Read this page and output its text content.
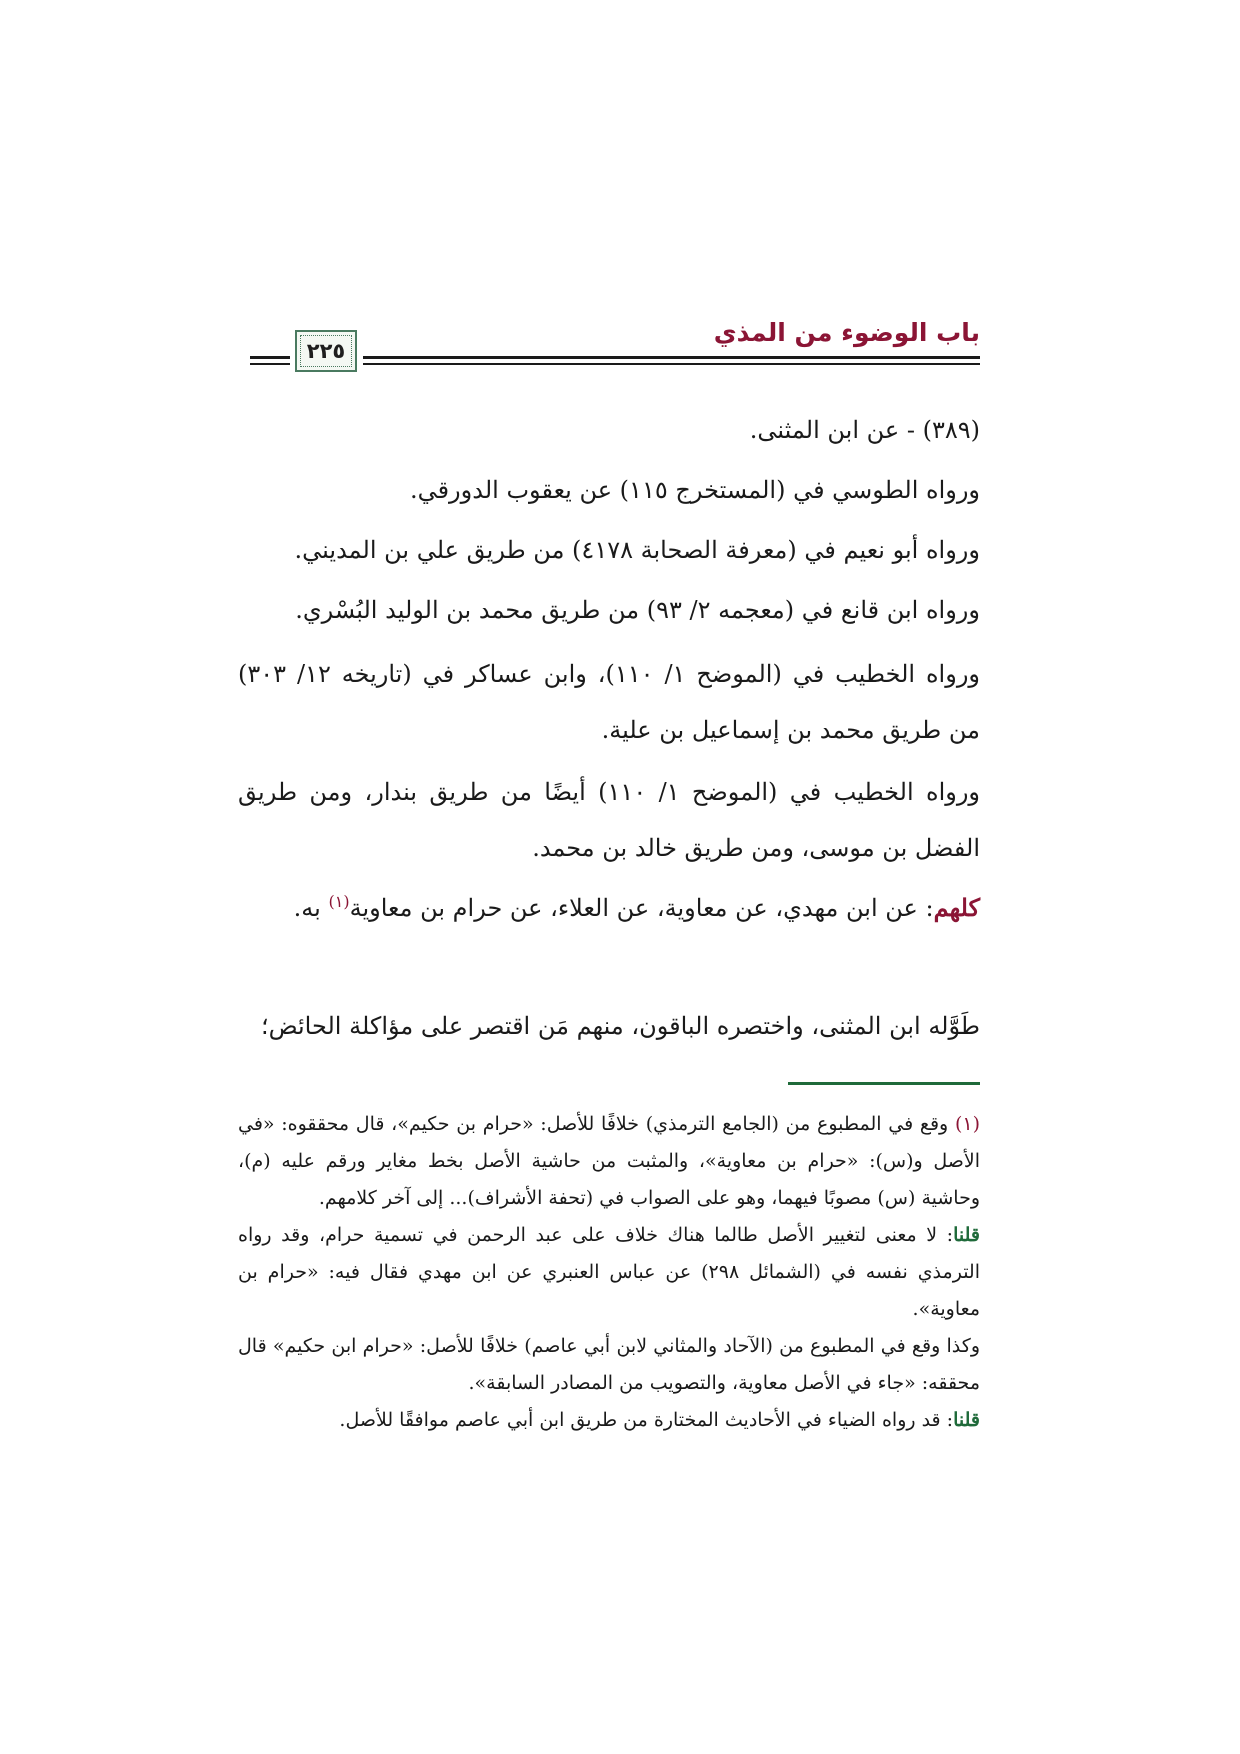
باب الوضوء من المذي
٢٢٥

(٣٨٩) - عن ابن المثنى.

ورواه الطوسي في (المستخرج ١١٥) عن يعقوب الدورقي.

ورواه أبو نعيم في (معرفة الصحابة ٤١٧٨) من طريق علي بن المديني.

ورواه ابن قانع في (معجمه ٢/ ٩٣) من طريق محمد بن الوليد البُسْري.

ورواه الخطيب في (الموضح ١/ ١١٠)، وابن عساكر في (تاريخه ١٢/ ٣٠٣) من طريق محمد بن إسماعيل بن علية.

ورواه الخطيب في (الموضح ١/ ١١٠) أيضًا من طريق بندار، ومن طريق الفضل بن موسى، ومن طريق خالد بن محمد.

كلهم: عن ابن مهدي، عن معاوية، عن العلاء، عن حرام بن معاوية$^{(١)}$ به.

طَوَّله ابن المثنى، واختصره الباقون، منهم مَن اقتصر على مؤاكلة الحائض؛

(١) وقع في المطبوع من (الجامع الترمذي) خلافًا للأصل: «حرام بن حكيم»، قال محققوه: «في الأصل و(س): «حرام بن معاوية»، والمثبت من حاشية الأصل بخط مغاير ورقم عليه (م)، وحاشية (س) مصوبًا فيهما، وهو على الصواب في (تحفة الأشراف)... إلى آخر كلامهم.

قلنا: لا معنى لتغيير الأصل طالما هناك خلاف على عبد الرحمن في تسمية حرام، وقد رواه الترمذي نفسه في (الشمائل ٢٩٨) عن عباس العنبري عن ابن مهدي فقال فيه: «حرام بن معاوية».

وكذا وقع في المطبوع من (الآحاد والمثاني لابن أبي عاصم) خلافًا للأصل: «حرام ابن حكيم» قال محققه: «جاء في الأصل معاوية، والتصويب من المصادر السابقة».

قلنا: قد رواه الضياء في الأحاديث المختارة من طريق ابن أبي عاصم موافقًا للأصل.
